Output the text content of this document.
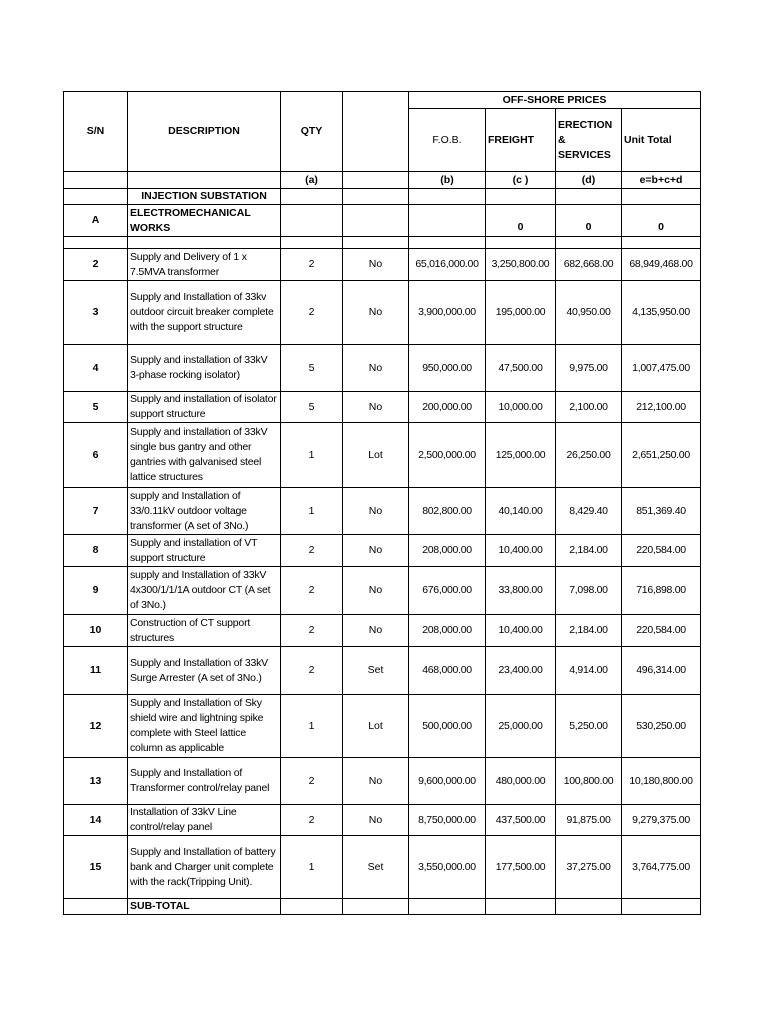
S/N	DESCRIPTION	QTY		OFF-SHORE PRICES			
				F.O.B.	FREIGHT	ERECTION & SERVICES	Unit Total
		(a)		(b)	(c )	(d)	e=b+c+d
	INJECTION SUBSTATION						
A	ELECTROMECHANICAL WORKS				0	0	0

2	Supply and Delivery of 1 x 7.5MVA transformer	2	No	65,016,000.00	3,250,800.00	682,668.00	68,949,468.00
3	Supply and Installation of 33kv outdoor circuit breaker complete with the support structure	2	No	3,900,000.00	195,000.00	40,950.00	4,135,950.00
4	Supply and installation of 33kV 3-phase rocking isolator)	5	No	950,000.00	47,500.00	9,975.00	1,007,475.00
5	Supply and installation of isolator support structure	5	No	200,000.00	10,000.00	2,100.00	212,100.00
6	Supply and installation of 33kV single bus gantry and other gantries with galvanised steel lattice structures	1	Lot	2,500,000.00	125,000.00	26,250.00	2,651,250.00
7	supply and Installation of 33/0.11kV outdoor voltage transformer (A set of 3No.)	1	No	802,800.00	40,140.00	8,429.40	851,369.40
8	Supply and installation of VT support structure	2	No	208,000.00	10,400.00	2,184.00	220,584.00
9	supply and Installation of 33kV 4x300/1/1/1A outdoor CT (A set of 3No.)	2	No	676,000.00	33,800.00	7,098.00	716,898.00
10	Construction of CT support structures	2	No	208,000.00	10,400.00	2,184.00	220,584.00
11	Supply and Installation of 33kV Surge Arrester (A set of 3No.)	2	Set	468,000.00	23,400.00	4,914.00	496,314.00
12	Supply and Installation of Sky shield wire and lightning spike complete with Steel lattice column as applicable	1	Lot	500,000.00	25,000.00	5,250.00	530,250.00
13	Supply and Installation of Transformer control/relay panel	2	No	9,600,000.00	480,000.00	100,800.00	10,180,800.00
14	Installation of 33kV Line control/relay panel	2	No	8,750,000.00	437,500.00	91,875.00	9,279,375.00
15	Supply and Installation of battery bank and Charger unit complete with the rack(Tripping Unit).	1	Set	3,550,000.00	177,500.00	37,275.00	3,764,775.00
	SUB-TOTAL						
